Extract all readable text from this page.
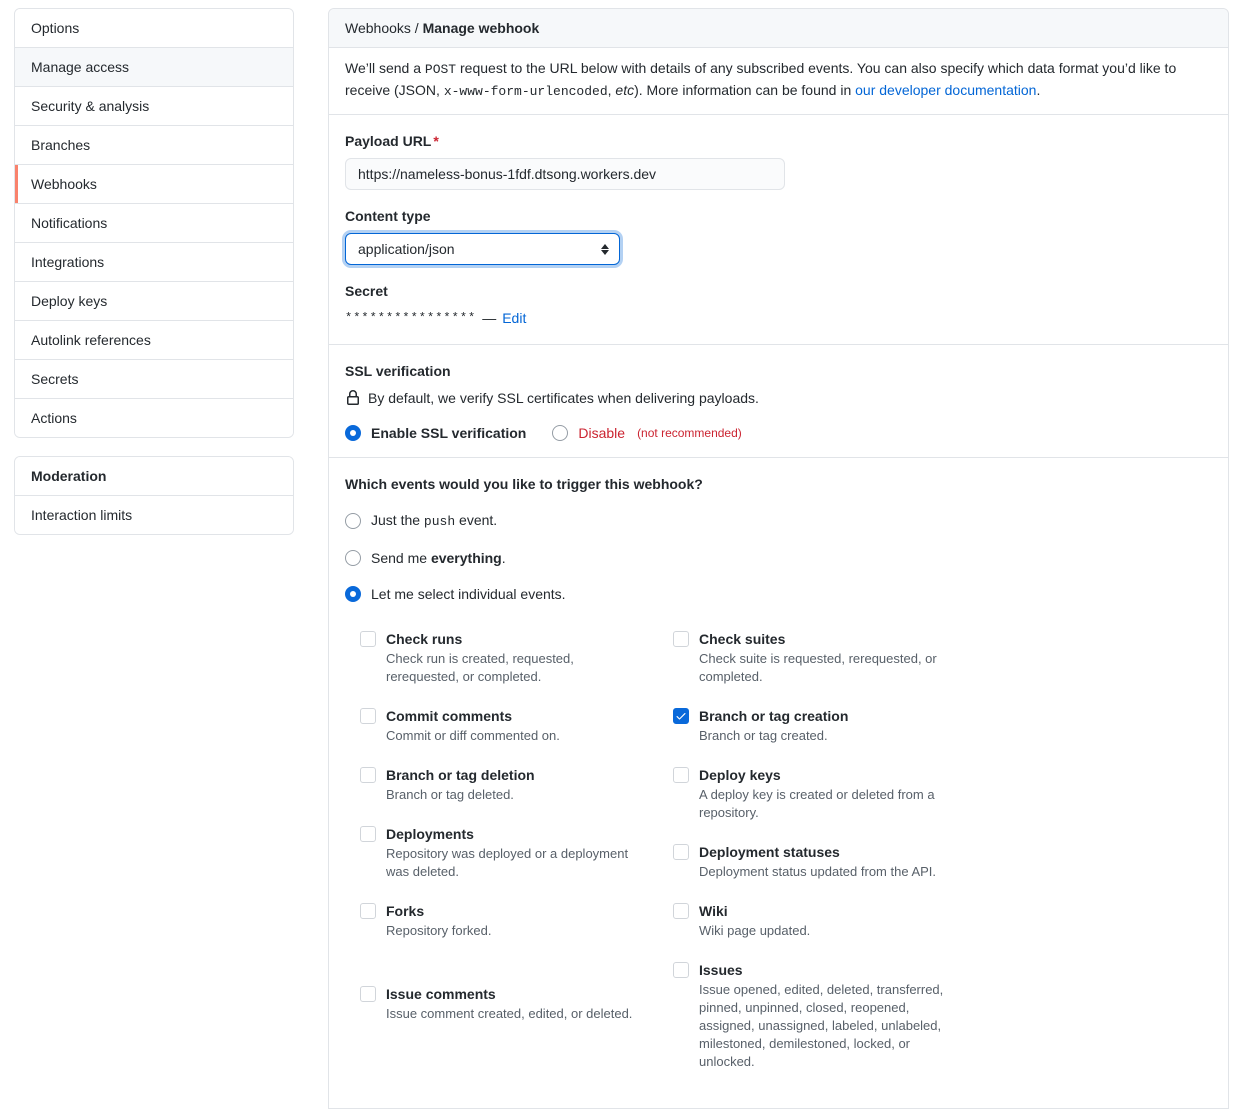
Options
Manage access
Security & analysis
Branches
Webhooks
Notifications
Integrations
Deploy keys
Autolink references
Secrets
Actions
Moderation
Interaction limits
Webhooks / Manage webhook
We’ll send a POST request to the URL below with details of any subscribed events. You can also specify which data format you’d like to receive (JSON, x-www-form-urlencoded, etc). More information can be found in our developer documentation.
Payload URL *
https://nameless-bonus-1fdf.dtsong.workers.dev
Content type
application/json
Secret
**************** — Edit
SSL verification
By default, we verify SSL certificates when delivering payloads.
Enable SSL verification	Disable (not recommended)
Which events would you like to trigger this webhook?
Just the push event.
Send me everything.
Let me select individual events.
Check runs
Check run is created, requested, rerequested, or completed.
Commit comments
Commit or diff commented on.
Branch or tag deletion
Branch or tag deleted.
Deployments
Repository was deployed or a deployment was deleted.
Forks
Repository forked.
Issue comments
Issue comment created, edited, or deleted.
Check suites
Check suite is requested, rerequested, or completed.
Branch or tag creation
Branch or tag created.
Deploy keys
A deploy key is created or deleted from a repository.
Deployment statuses
Deployment status updated from the API.
Wiki
Wiki page updated.
Issues
Issue opened, edited, deleted, transferred, pinned, unpinned, closed, reopened, assigned, unassigned, labeled, unlabeled, milestoned, demilestoned, locked, or unlocked.
